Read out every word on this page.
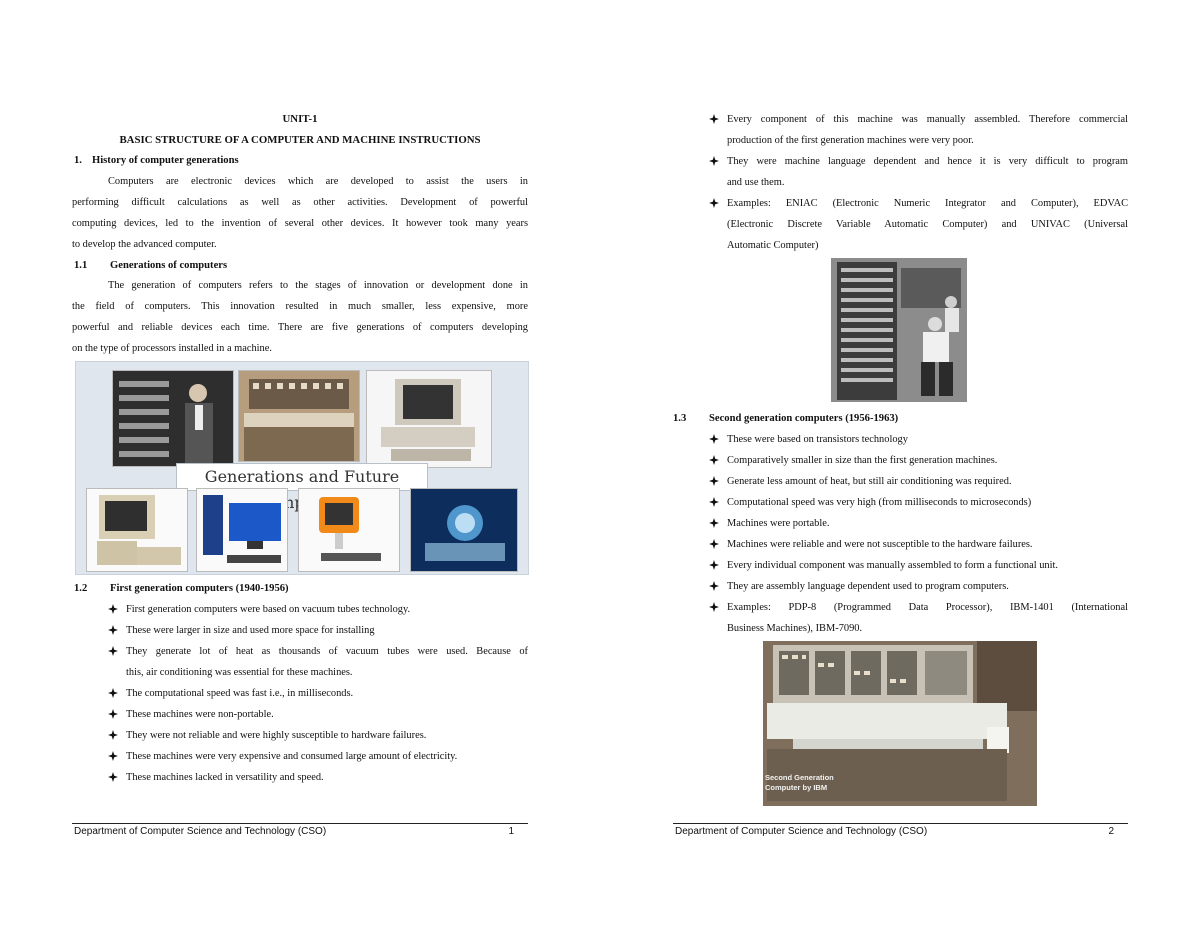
UNIT-1
BASIC STRUCTURE OF A COMPUTER AND MACHINE INSTRUCTIONS
1. History of computer generations
Computers are electronic devices which are developed to assist the users in
performing difficult calculations as well as other activities. Development of powerful
computing devices, led to the invention of several other devices. It however took many years
to develop the advanced computer.
1.1 Generations of computers
The generation of computers refers to the stages of innovation or development done in
the field of computers. This innovation resulted in much smaller, less expensive, more
powerful and reliable devices each time. There are five generations of computers developing
on the type of processors installed in a machine.
Generations and Future
1.2 First generation computers (1940-1956)
First generation computers were based on vacuum tubes technology.
These were larger in size and used more space for installing
They generate lot of heat as thousands of vacuum tubes were used. Because of
this, air conditioning was essential for these machines.
The computational speed was fast i.e., in milliseconds.
These machines were non-portable.
They were not reliable and were highly susceptible to hardware failures.
These machines were very expensive and consumed large amount of electricity.
These machines lacked in versatility and speed.
Department of Computer Science and Technology (CSO)	1
Every component of this machine was manually assembled. Therefore commercial
production of the first generation machines were very poor.
They were machine language dependent and hence it is very difficult to program
and use them.
Examples: ENIAC (Electronic Numeric Integrator and Computer), EDVAC
(Electronic Discrete Variable Automatic Computer) and UNIVAC (Universal
Automatic Computer)
1.3 Second generation computers (1956-1963)
These were based on transistors technology
Comparatively smaller in size than the first generation machines.
Generate less amount of heat, but still air conditioning was required.
Computational speed was very high (from milliseconds to microseconds)
Machines were portable.
Machines were reliable and were not susceptible to the hardware failures.
Every individual component was manually assembled to form a functional unit.
They are assembly language dependent used to program computers.
Examples: PDP-8 (Programmed Data Processor), IBM-1401 (International
Business Machines), IBM-7090.
Second Generation
Computer by IBM
Department of Computer Science and Technology (CSO)	2
